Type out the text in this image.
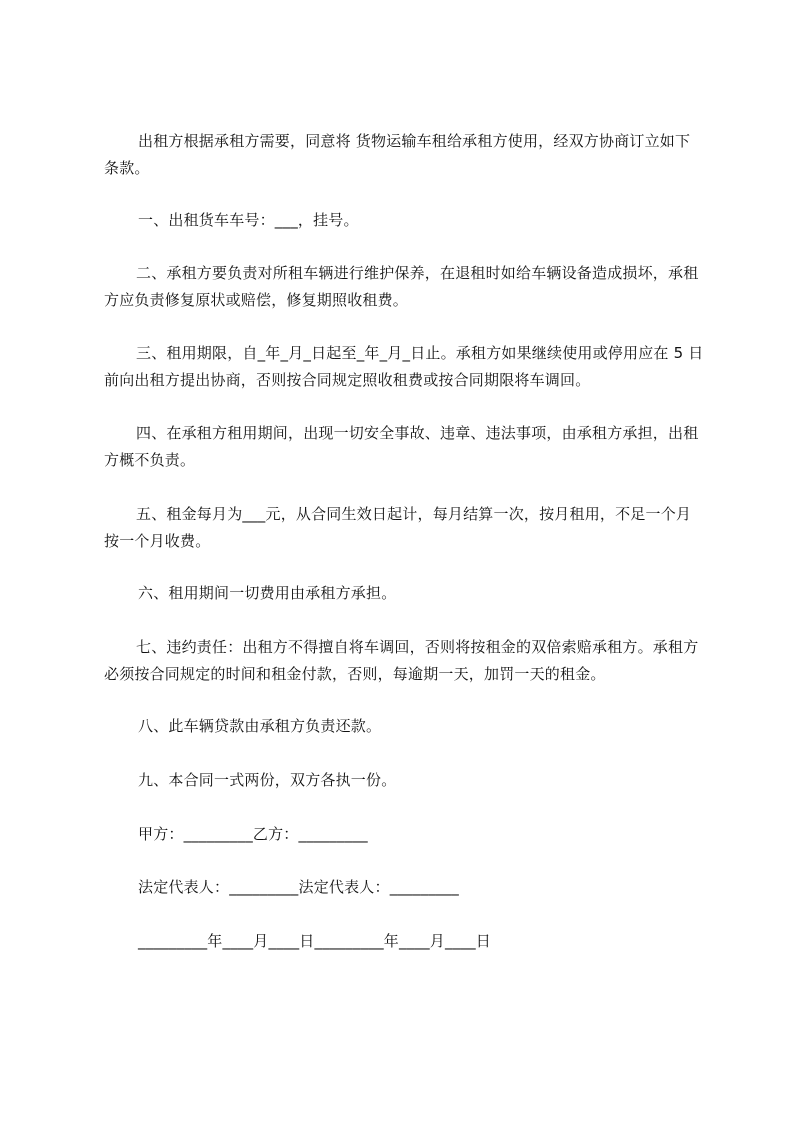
出租方根据承租方需要，同意将 货物运输车租给承租方使用，经双方协商订立如下条款。

一、出租货车车号：___，挂号。

二、承租方要负责对所租车辆进行维护保养，在退租时如给车辆设备造成损坏，承租方应负责修复原状或赔偿，修复期照收租费。

三、租用期限，自_年_月_日起至_年_月_日止。承租方如果继续使用或停用应在 5 日前向出租方提出协商，否则按合同规定照收租费或按合同期限将车调回。

四、在承租方租用期间，出现一切安全事故、违章、违法事项，由承租方承担，出租方概不负责。

五、租金每月为___元，从合同生效日起计，每月结算一次，按月租用，不足一个月按一个月收费。

六、租用期间一切费用由承租方承担。

七、违约责任：出租方不得擅自将车调回，否则将按租金的双倍索赔承租方。承租方必须按合同规定的时间和租金付款，否则，每逾期一天，加罚一天的租金。

八、此车辆贷款由承租方负责还款。

九、本合同一式两份，双方各执一份。

甲方：_________乙方：_________

法定代表人：_________法定代表人：_________

_________年____月____日_________年____月____日
